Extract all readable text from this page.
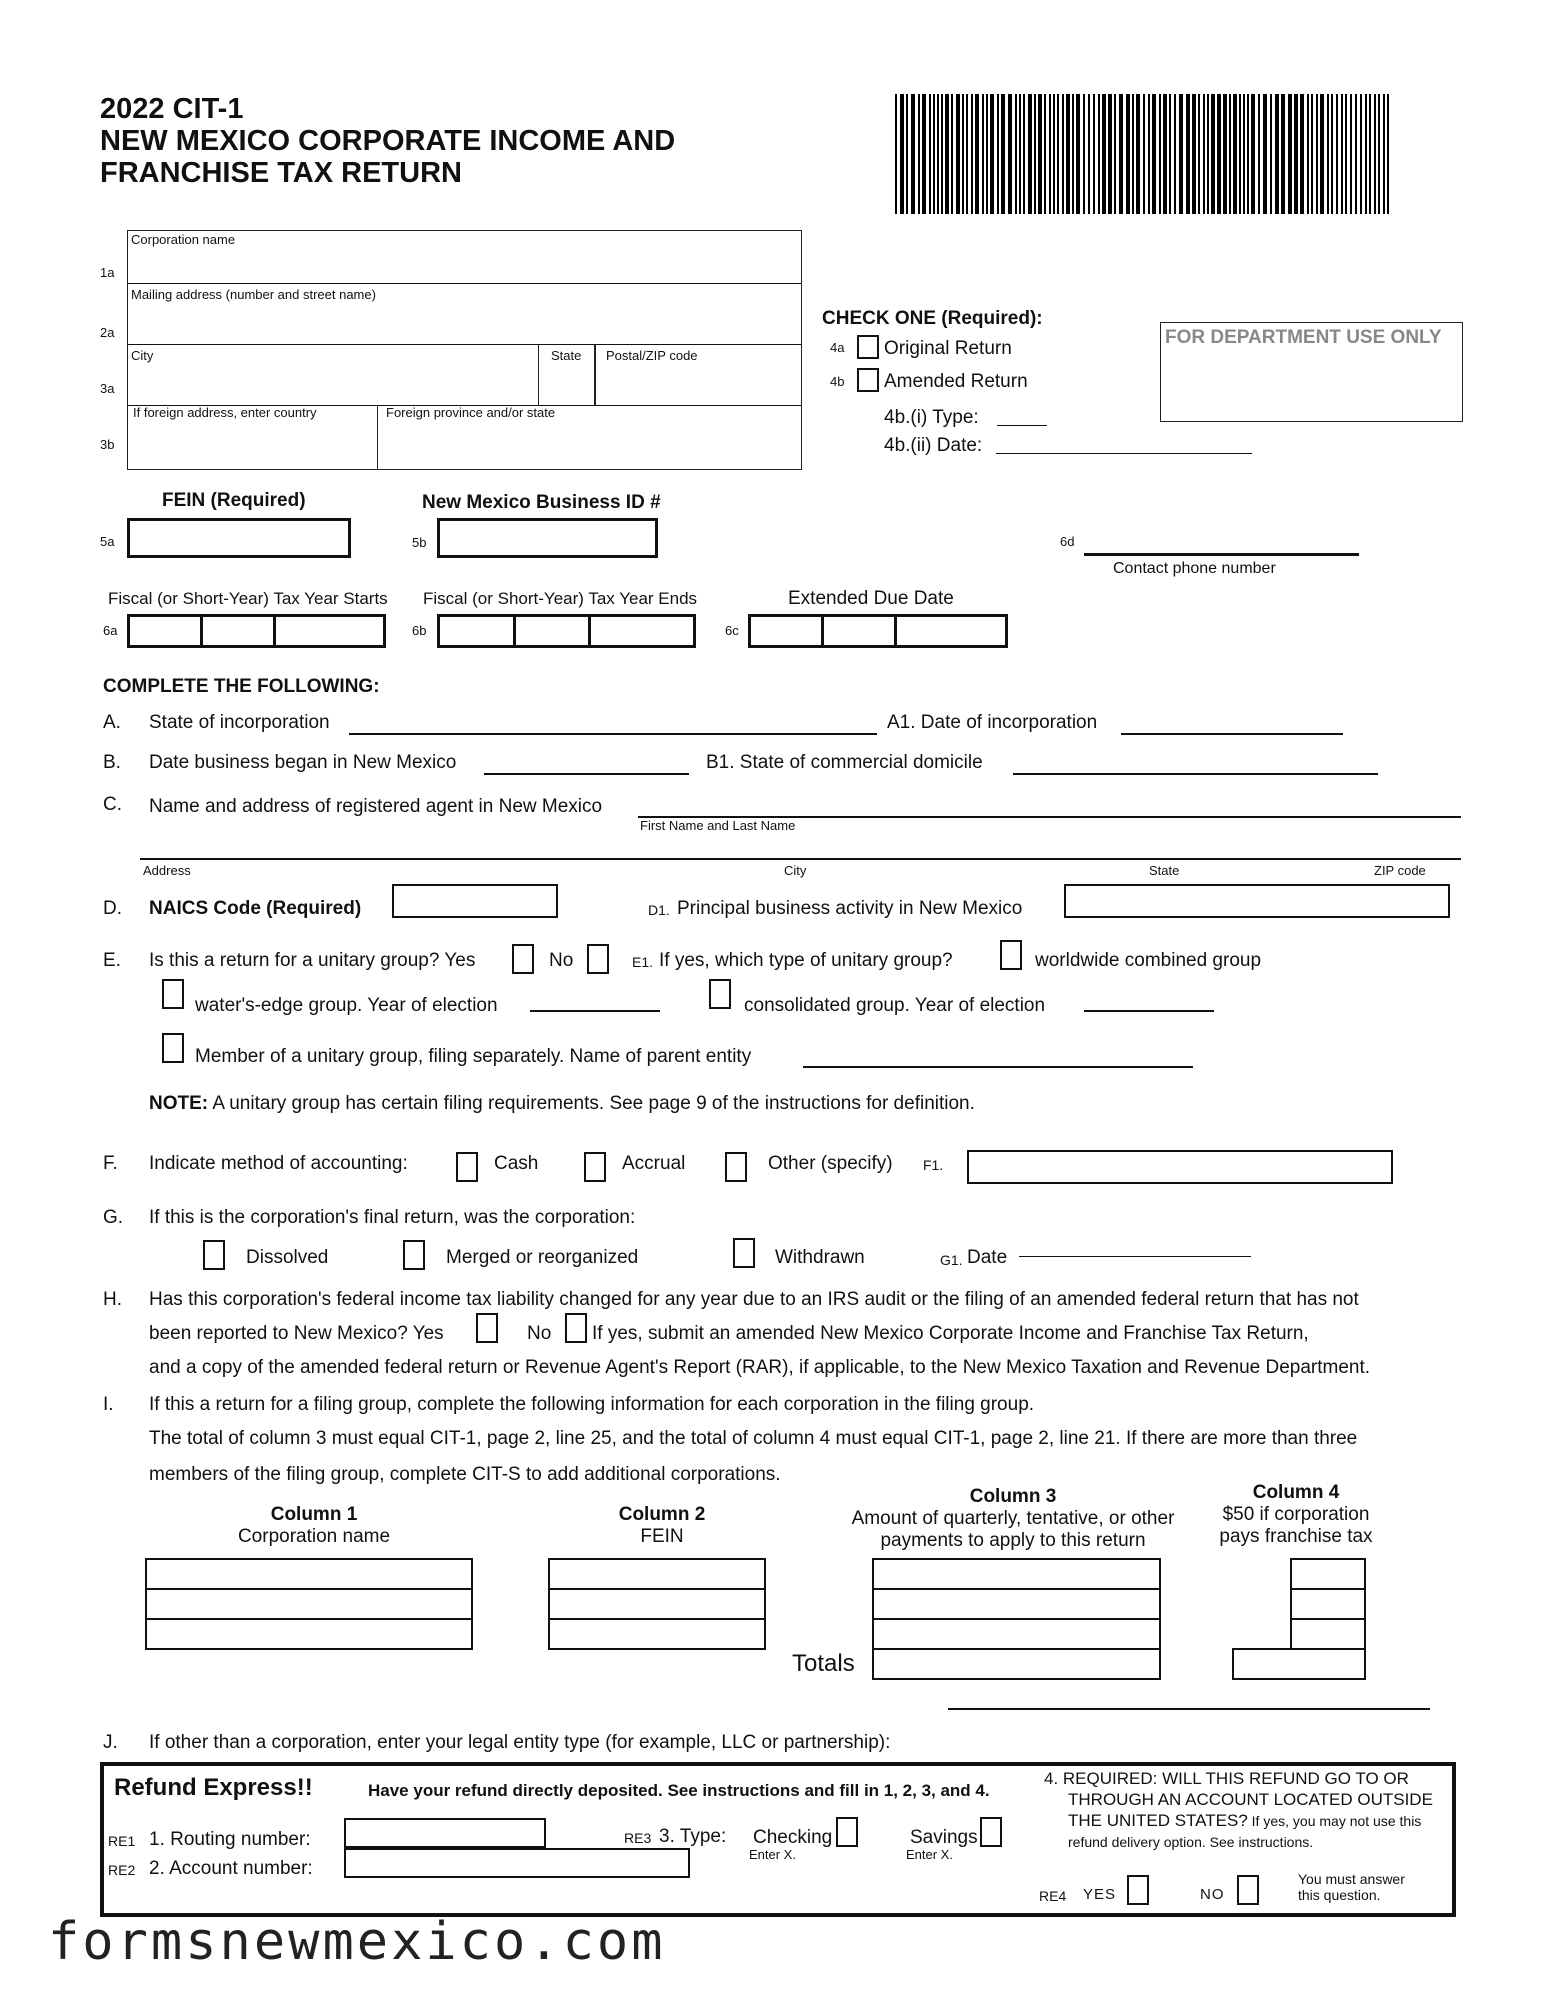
2022 CIT-1
NEW MEXICO CORPORATE INCOME AND
FRANCHISE TAX RETURN
1a
2a
3a
3b
Corporation name
Mailing address (number and street name)
City	State Postal/ZIP code
If foreign address, enter country	Foreign province and/or state
CHECK ONE (Required):
4a Original Return
4b Amended Return
4b.(i) Type:
4b.(ii) Date:
FOR DEPARTMENT USE ONLY
FEIN (Required)	New Mexico Business ID #
5a	5b	6d
Contact phone number
Fiscal (or Short-Year) Tax Year Starts Fiscal (or Short-Year) Tax Year Ends	Extended Due Date
6a	6b	6c
COMPLETE THE FOLLOWING:
A. State of incorporation	A1. Date of incorporation
B. Date business began in New Mexico	B1. State of commercial domicile
C. Name and address of registered agent in New Mexico
First Name and Last Name
Address	City	State	ZIP code
D. NAICS Code (Required)	D1. Principal business activity in New Mexico
E. Is this a return for a unitary group? Yes	No	E1. If yes, which type of unitary group?	worldwide combined group
water's-edge group. Year of election	consolidated group. Year of election
Member of a unitary group, filing separately. Name of parent entity
NOTE: A unitary group has certain filing requirements. See page 9 of the instructions for definition.
F. Indicate method of accounting:	Cash	Accrual	Other (specify) F1.
G. If this is the corporation's final return, was the corporation:
Dissolved	Merged or reorganized	Withdrawn	G1. Date
H. Has this corporation's federal income tax liability changed for any year due to an IRS audit or the filing of an amended federal return that has not
been reported to New Mexico? Yes	No If yes, submit an amended New Mexico Corporate Income and Franchise Tax Return,
and a copy of the amended federal return or Revenue Agent's Report (RAR), if applicable, to the New Mexico Taxation and Revenue Department.
I. If this a return for a filing group, complete the following information for each corporation in the filing group.
The total of column 3 must equal CIT-1, page 2, line 25, and the total of column 4 must equal CIT-1, page 2, line 21. If there are more than three
members of the filing group, complete CIT-S to add additional corporations.
Column 1
Corporation name
Column 2
FEIN
Column 3
Amount of quarterly, tentative, or other
payments to apply to this return
Column 4
$50 if corporation
pays franchise tax
Totals
J. If other than a corporation, enter your legal entity type (for example, LLC or partnership):
Refund Express!!	Have your refund directly deposited. See instructions and fill in 1, 2, 3, and 4.
RE1 1. Routing number:
RE2 2. Account number:
RE3 3. Type: Checking
Enter X.
Savings
Enter X.
4. REQUIRED: WILL THIS REFUND GO TO OR
THROUGH AN ACCOUNT LOCATED OUTSIDE
THE UNITED STATES? If yes, you may not use this
refund delivery option. See instructions.
RE4 YES	NO
You must answer
this question.
formsnewmexico.com
